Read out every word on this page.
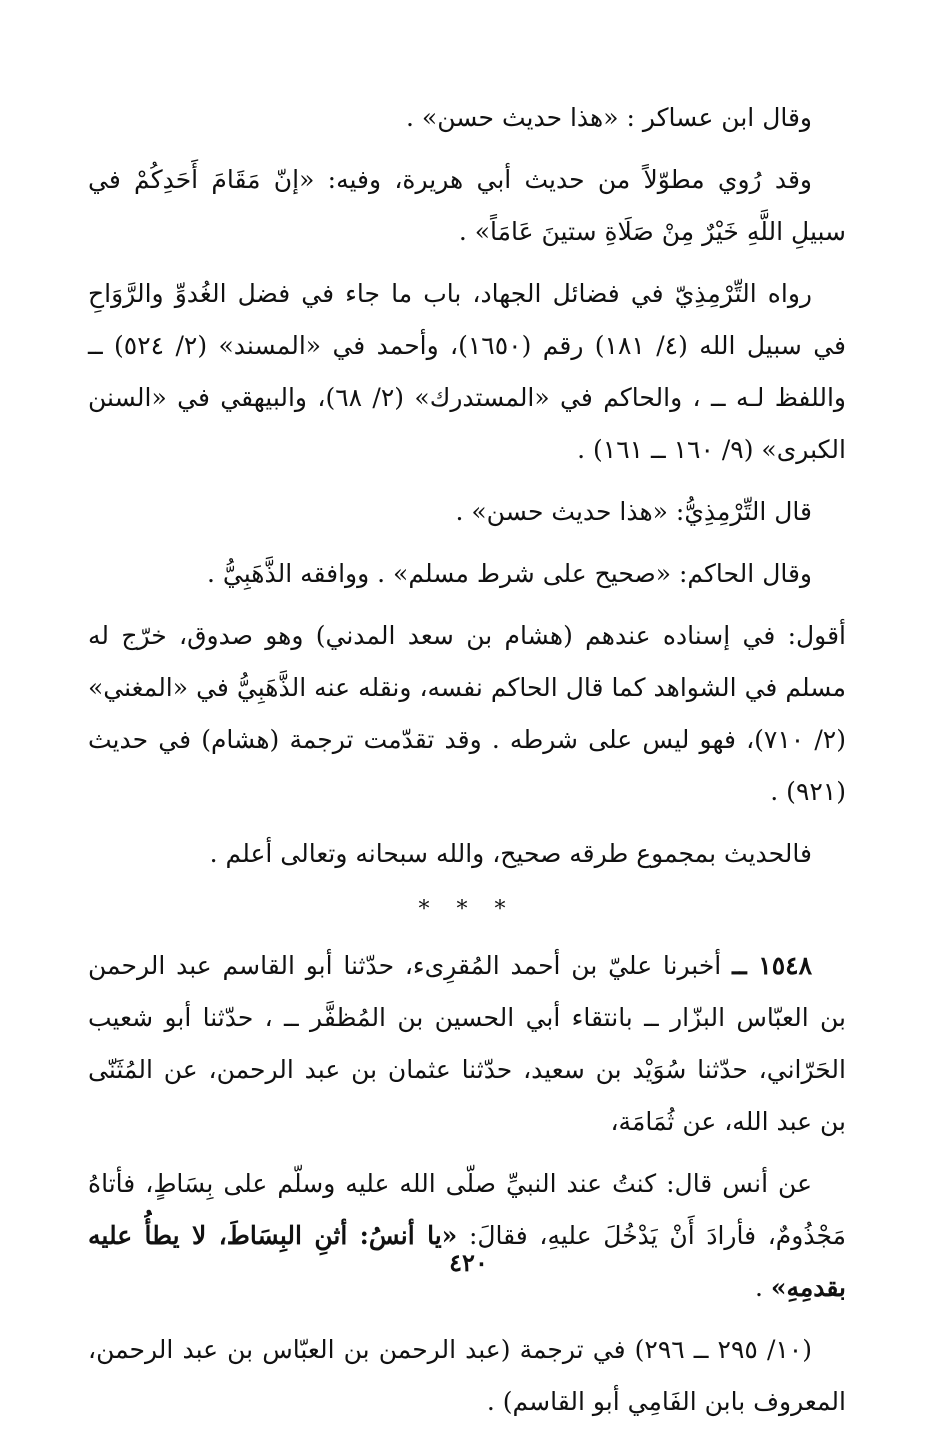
وقال ابن عساكر : «هذا حديث حسن» .

وقد رُوي مطوّلاً من حديث أبي هريرة، وفيه: «إنّ مَقَامَ أَحَدِكُمْ في سبيلِ اللَّهِ خَيْرٌ مِنْ صَلَاةِ ستينَ عَامَاً» .

رواه التِّرْمِذِيّ في فضائل الجهاد، باب ما جاء في فضل الغُدوِّ والرَّوَاحِ في سبيل الله (٤/ ١٨١) رقم (١٦٥٠)، وأحمد في «المسند» (٢/ ٥٢٤) ــ واللفظ لـه ــ ، والحاكم في «المستدرك» (٢/ ٦٨)، والبيهقي في «السنن الكبرى» (٩/ ١٦٠ ــ ١٦١) .

قال التِّرْمِذِيُّ: «هذا حديث حسن» .

وقال الحاكم: «صحيح على شرط مسلم» . ووافقه الذَّهَبِيُّ .

أقول: في إسناده عندهم (هشام بن سعد المدني) وهو صدوق، خرّج له مسلم في الشواهد كما قال الحاكم نفسه، ونقله عنه الذَّهَبِيُّ في «المغني» (٢/ ٧١٠)، فهو ليس على شرطه . وقد تقدّمت ترجمة (هشام) في حديث (٩٢١) .

فالحديث بمجموع طرقه صحيح، والله سبحانه وتعالى أعلم .

* * *

١٥٤٨ ــ أخبرنا عليّ بن أحمد المُقرِىء، حدّثنا أبو القاسم عبد الرحمن بن العبّاس البزّار ــ بانتقاء أبي الحسين بن المُظفَّر ــ ، حدّثنا أبو شعيب الحَرّاني، حدّثنا سُوَيْد بن سعيد، حدّثنا عثمان بن عبد الرحمن، عن المُثَنّى بن عبد الله، عن ثُمَامَة،

عن أنس قال: كنتُ عند النبيِّ صلّى الله عليه وسلّم على بِسَاطٍ، فأتاهُ مَجْذُومٌ، فأرادَ أَنْ يَدْخُلَ عليهِ، فقالَ: «يا أنسُ: أثنِ البِسَاطَ، لا يطأُ عليه بقدمِهِ» .

(١٠/ ٢٩٥ ــ ٢٩٦) في ترجمة (عبد الرحمن بن العبّاس بن عبد الرحمن، المعروف بابن الفَامِي أبو القاسم) .

٤٢٠
